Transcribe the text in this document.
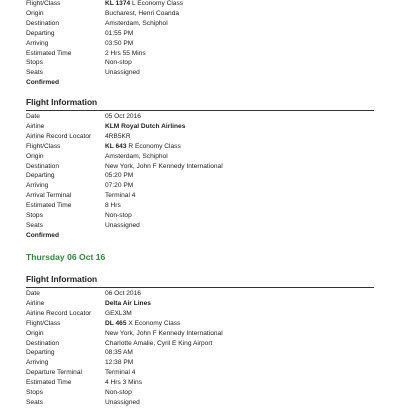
Flight/Class	KL 1374 L Economy Class
Origin	Bucharest, Henri Coanda
Destination	Amsterdam, Schiphol
Departing	01:55 PM
Arriving	03:50 PM
Estimated Time	2 Hrs 55 Mins
Stops	Non-stop
Seats	Unassigned
Confirmed
Flight Information
Date	05 Oct 2016
Airline	KLM Royal Dutch Airlines
Airline Record Locator 4RB5KR
Flight/Class	KL 643 R Economy Class
Origin	Amsterdam, Schiphol
Destination	New York, John F Kennedy International
Departing	05:20 PM
Arriving	07:20 PM
Arrival Terminal	Terminal 4
Estimated Time	8 Hrs
Stops	Non-stop
Seats	Unassigned
Confirmed
Thursday 06 Oct 16
Flight Information
Date	06 Oct 2016
Airline	Delta Air Lines
Airline Record Locator GEXL3M
Flight/Class	DL 465 X Economy Class
Origin	New York, John F Kennedy International
Destination	Charlotte Amalie, Cyril E King Airport
Departing	08:35 AM
Arriving	12:38 PM
Departure Terminal	Terminal 4
Estimated Time	4 Hrs 3 Mins
Stops	Non-stop
Seats	Unassigned
